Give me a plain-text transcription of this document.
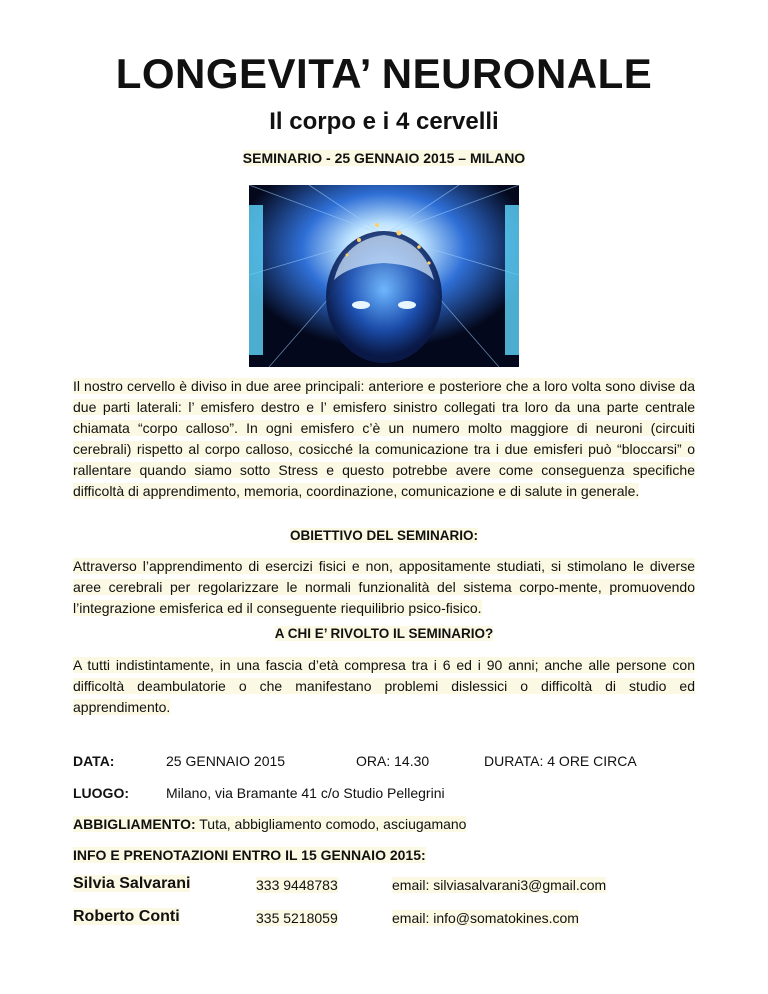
LONGEVITA’ NEURONALE
Il corpo e i 4 cervelli
SEMINARIO - 25 GENNAIO 2015 – MILANO

Il nostro cervello è diviso in due aree principali: anteriore e posteriore che a loro volta sono divise da due parti laterali: l’ emisfero destro e l’ emisfero sinistro collegati tra loro da una parte centrale chiamata “corpo calloso”. In ogni emisfero c’è un numero molto maggiore di neuroni (circuiti cerebrali) rispetto al corpo calloso, cosicché la comunicazione tra i due emisferi può “bloccarsi” o rallentare quando siamo sotto Stress e questo potrebbe avere come conseguenza specifiche difficoltà di apprendimento, memoria, coordinazione, comunicazione e di salute in generale.

OBIETTIVO DEL SEMINARIO:

Attraverso l’apprendimento di esercizi fisici e non, appositamente studiati, si stimolano le diverse aree cerebrali per regolarizzare le normali funzionalità del sistema corpo-mente, promuovendo l’integrazione emisferica ed il conseguente riequilibrio psico-fisico.

A CHI E’ RIVOLTO IL SEMINARIO?

A tutti indistintamente, in una fascia d’età compresa tra i 6 ed i 90 anni; anche alle persone con difficoltà deambulatorie o che manifestano problemi dislessici o difficoltà di studio ed apprendimento.

DATA:	25 GENNAIO 2015	ORA: 14.30	DURATA: 4 ORE CIRCA
LUOGO:	Milano, via Bramante 41 c/o Studio Pellegrini
ABBIGLIAMENTO: Tuta, abbigliamento comodo, asciugamano
INFO E PRENOTAZIONI ENTRO IL 15 GENNAIO 2015:
Silvia Salvarani	333 9448783	email: silviasalvarani3@gmail.com
Roberto Conti	335 5218059	email: info@somatokines.com
